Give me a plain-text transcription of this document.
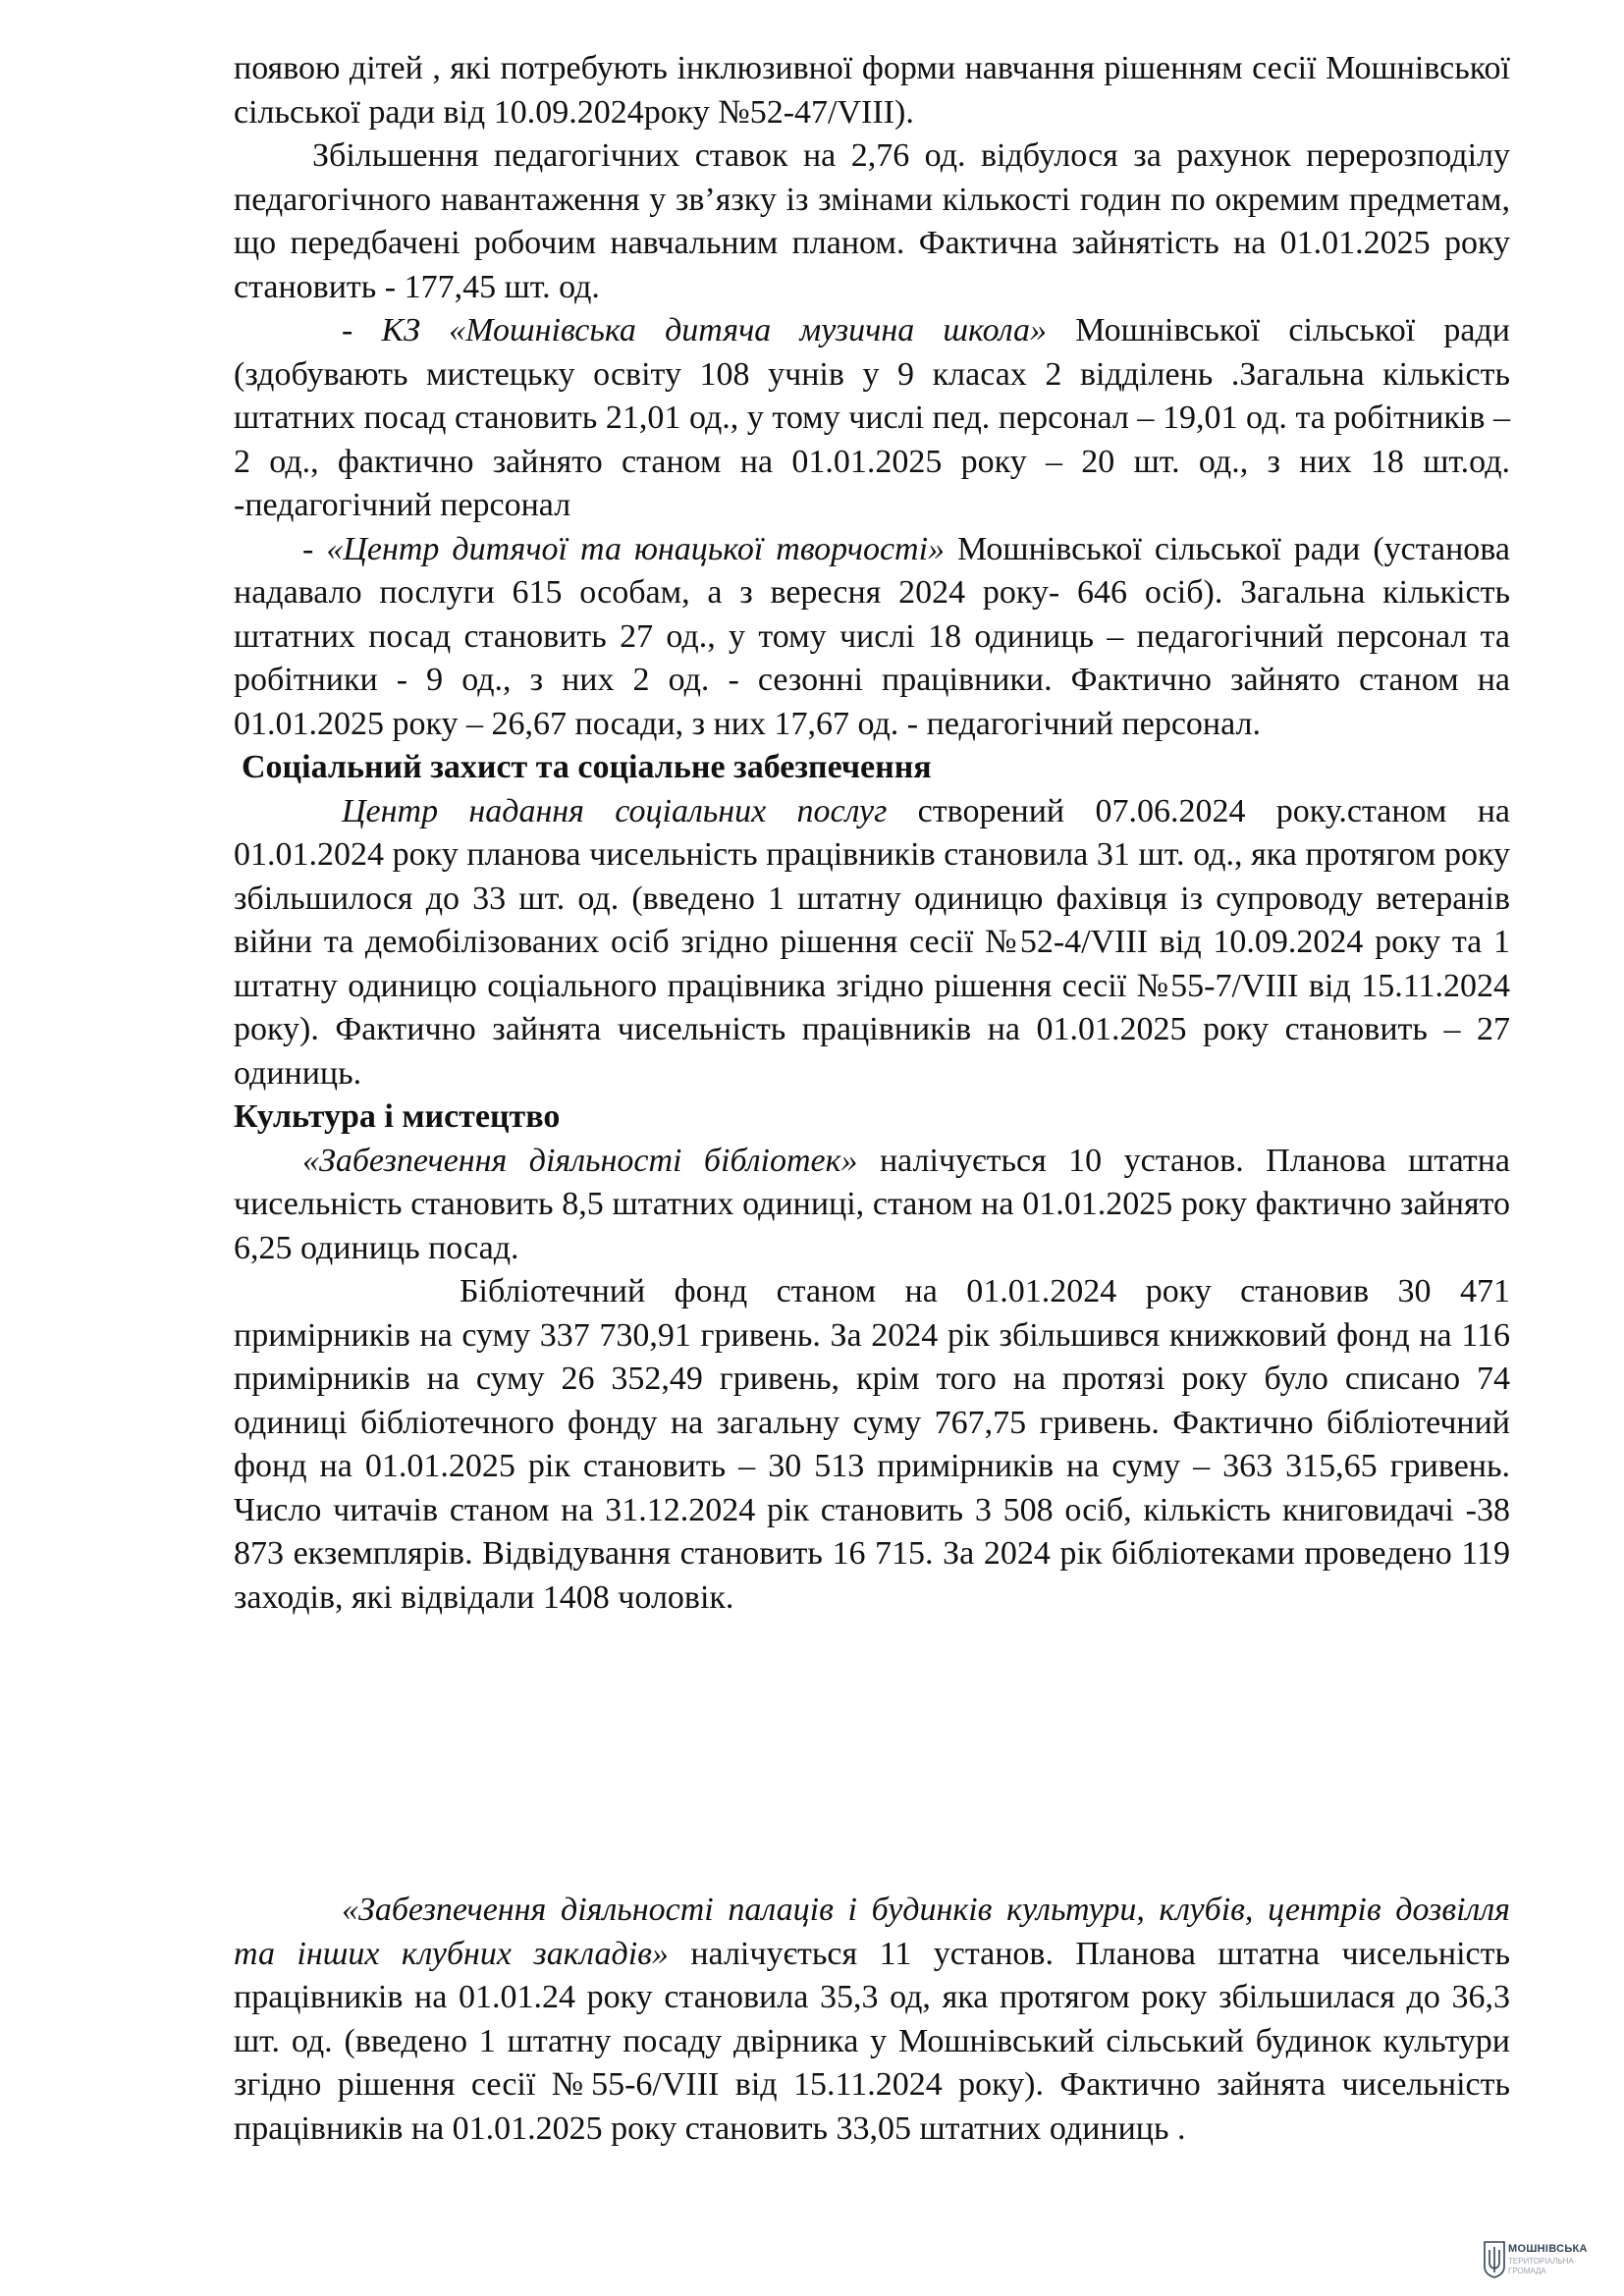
появою дітей , які потребують інклюзивної форми навчання рішенням сесії Мошнівської сільської ради від 10.09.2024року №52-47/VIII).

Збільшення педагогічних ставок на 2,76 од. відбулося за рахунок перерозподілу педагогічного навантаження у зв’язку із змінами кількості годин по окремим предметам, що передбачені робочим навчальним планом. Фактична зайнятість на 01.01.2025 року становить - 177,45 шт. од.

- КЗ «Мошнівська дитяча музична школа» Мошнівської сільської ради (здобувають мистецьку освіту 108 учнів у 9 класах 2 відділень .Загальна кількість штатних посад становить 21,01 од., у тому числі пед. персонал – 19,01 од. та робітників – 2 од., фактично зайнято станом на 01.01.2025 року – 20 шт. од., з них 18 шт.од. -педагогічний персонал

- «Центр дитячої та юнацької творчості» Мошнівської сільської ради (установа надавало послуги 615 особам, а з вересня 2024 року- 646 осіб). Загальна кількість штатних посад становить 27 од., у тому числі 18 одиниць – педагогічний персонал та робітники - 9 од., з них 2 од. - сезонні працівники. Фактично зайнято станом на 01.01.2025 року – 26,67 посади, з них 17,67 од. - педагогічний персонал.

Соціальний захист та соціальне забезпечення

Центр надання соціальних послуг створений 07.06.2024 року.станом на 01.01.2024 року планова чисельність працівників становила 31 шт. од., яка протягом року збільшилося до 33 шт. од. (введено 1 штатну одиницю фахівця із супроводу ветеранів війни та демобілізованих осіб згідно рішення сесії №52-4/VIII від 10.09.2024 року та 1 штатну одиницю соціального працівника згідно рішення сесії №55-7/VIII від 15.11.2024 року). Фактично зайнята чисельність працівників на 01.01.2025 року становить – 27 одиниць.

Культура і мистецтво

«Забезпечення діяльності бібліотек» налічується 10 установ. Планова штатна чисельність становить 8,5 штатних одиниці, станом на 01.01.2025 року фактично зайнято 6,25 одиниць посад.

Бібліотечний фонд станом на 01.01.2024 року становив 30 471 примірників на суму 337 730,91 гривень. За 2024 рік збільшився книжковий фонд на 116 примірників на суму 26 352,49 гривень, крім того на протязі року було списано 74 одиниці бібліотечного фонду на загальну суму 767,75 гривень. Фактично бібліотечний фонд на 01.01.2025 рік становить – 30 513 примірників на суму – 363 315,65 гривень. Число читачів станом на 31.12.2024 рік становить 3 508 осіб, кількість книговидачі -38 873 екземплярів. Відвідування становить 16 715. За 2024 рік бібліотеками проведено 119 заходів, які відвідали 1408 чоловік.

«Забезпечення діяльності палаців і будинків культури, клубів, центрів дозвілля та інших клубних закладів» налічується 11 установ. Планова штатна чисельність працівників на 01.01.24 року становила 35,3 од, яка протягом року збільшилася до 36,3 шт. од. (введено 1 штатну посаду двірника у Мошнівський сільський будинок культури згідно рішення сесії №55-6/VIII від 15.11.2024 року). Фактично зайнята чисельність працівників на 01.01.2025 року становить 33,05 штатних одиниць .

МОШНІВСЬКА
ТЕРИТОРІАЛЬНА
ГРОМАДА
